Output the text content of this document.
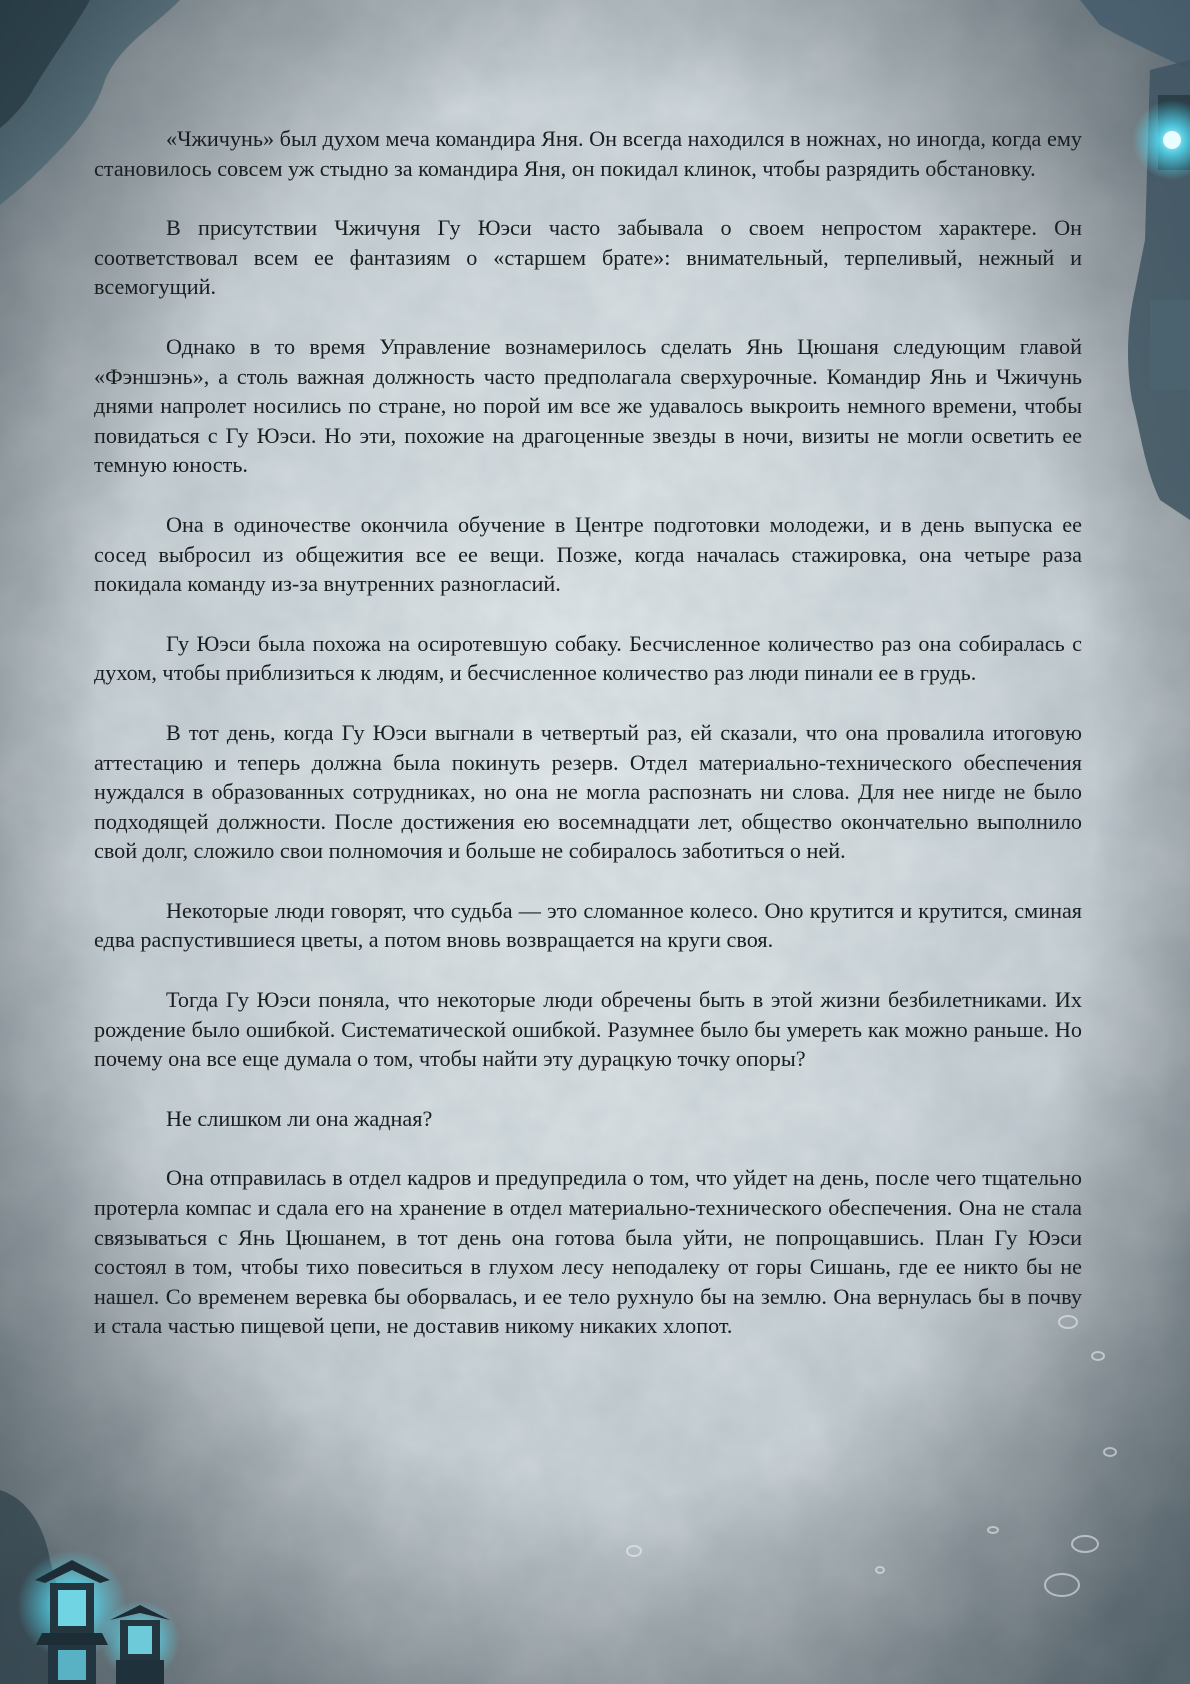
«Чжичунь» был духом меча командира Яня. Он всегда находился в ножнах, но иногда, когда ему становилось совсем уж стыдно за командира Яня, он покидал клинок, чтобы разрядить обстановку.

В присутствии Чжичуня Гу Юэси часто забывала о своем непростом характере. Он соответствовал всем ее фантазиям о «старшем брате»: внимательный, терпеливый, нежный и всемогущий.

Однако в то время Управление вознамерилось сделать Янь Цюшаня следующим главой «Фэншэнь», а столь важная должность часто предполагала сверхурочные. Командир Янь и Чжичунь днями напролет носились по стране, но порой им все же удавалось выкроить немного времени, чтобы повидаться с Гу Юэси. Но эти, похожие на драгоценные звезды в ночи, визиты не могли осветить ее темную юность.

Она в одиночестве окончила обучение в Центре подготовки молодежи, и в день выпуска ее сосед выбросил из общежития все ее вещи. Позже, когда началась стажировка, она четыре раза покидала команду из-за внутренних разногласий.

Гу Юэси была похожа на осиротевшую собаку. Бесчисленное количество раз она собиралась с духом, чтобы приблизиться к людям, и бесчисленное количество раз люди пинали ее в грудь.

В тот день, когда Гу Юэси выгнали в четвертый раз, ей сказали, что она провалила итоговую аттестацию и теперь должна была покинуть резерв. Отдел материально-технического обеспечения нуждался в образованных сотрудниках, но она не могла распознать ни слова. Для нее нигде не было подходящей должности. После достижения ею восемнадцати лет, общество окончательно выполнило свой долг, сложило свои полномочия и больше не собиралось заботиться о ней.

Некоторые люди говорят, что судьба — это сломанное колесо. Оно крутится и крутится, сминая едва распустившиеся цветы, а потом вновь возвращается на круги своя.

Тогда Гу Юэси поняла, что некоторые люди обречены быть в этой жизни безбилетниками. Их рождение было ошибкой. Систематической ошибкой. Разумнее было бы умереть как можно раньше. Но почему она все еще думала о том, чтобы найти эту дурацкую точку опоры?

Не слишком ли она жадная?

Она отправилась в отдел кадров и предупредила о том, что уйдет на день, после чего тщательно протерла компас и сдала его на хранение в отдел материально-технического обеспечения. Она не стала связываться с Янь Цюшанем, в тот день она готова была уйти, не попрощавшись. План Гу Юэси состоял в том, чтобы тихо повеситься в глухом лесу неподалеку от горы Сишань, где ее никто бы не нашел. Со временем веревка бы оборвалась, и ее тело рухнуло бы на землю. Она вернулась бы в почву и стала частью пищевой цепи, не доставив никому никаких хлопот.
